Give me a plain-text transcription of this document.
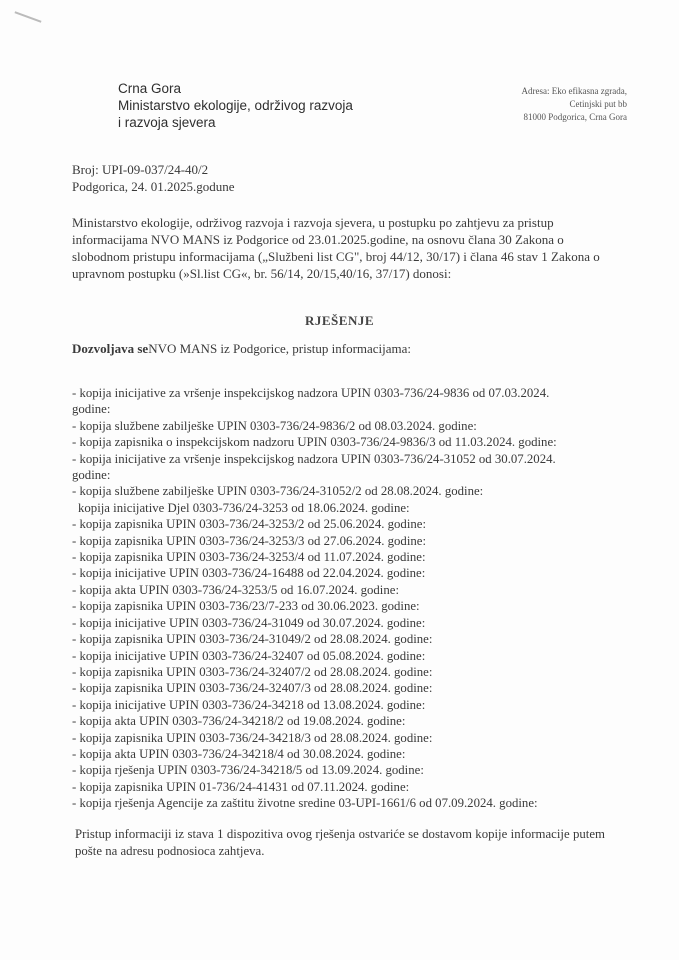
Crna Gora
Ministarstvo ekologije, održivog razvoja
i razvoja sjevera
Adresa: Eko efikasna zgrada,
Cetinjski put bb
81000 Podgorica, Crna Gora
Broj: UPI-09-037/24-40/2
Podgorica, 24. 01.2025.godune
Ministarstvo ekologije, održivog razvoja i razvoja sjevera, u postupku po zahtjevu za pristup informacijama NVO MANS iz Podgorice od 23.01.2025.godine, na osnovu člana 30 Zakona o slobodnom pristupu informacijama („Službeni list CG", broj 44/12, 30/17) i člana 46 stav 1 Zakona o upravnom postupku (»Sl.list CG«, br. 56/14, 20/15,40/16, 37/17) donosi:
RJEŠENJE
Dozvoljava seNVO MANS iz Podgorice, pristup informacijama:
- kopija inicijative za vršenje inspekcijskog nadzora UPIN 0303-736/24-9836 od 07.03.2024.
godine:
- kopija službene zabilješke UPIN 0303-736/24-9836/2 od 08.03.2024. godine:
- kopija zapisnika o inspekcijskom nadzoru UPIN 0303-736/24-9836/3 od 11.03.2024. godine:
- kopija inicijative za vršenje inspekcijskog nadzora UPIN 0303-736/24-31052 od 30.07.2024.
godine:
- kopija službene zabilješke UPIN 0303-736/24-31052/2 od 28.08.2024. godine:
kopija inicijative Djel 0303-736/24-3253 od 18.06.2024. godine:
- kopija zapisnika UPIN 0303-736/24-3253/2 od 25.06.2024. godine:
- kopija zapisnika UPIN 0303-736/24-3253/3 od 27.06.2024. godine:
- kopija zapisnika UPIN 0303-736/24-3253/4 od 11.07.2024. godine:
- kopija inicijative UPIN 0303-736/24-16488 od 22.04.2024. godine:
- kopija akta UPIN 0303-736/24-3253/5 od 16.07.2024. godine:
- kopija zapisnika UPIN 0303-736/23/7-233 od 30.06.2023. godine:
- kopija inicijative UPIN 0303-736/24-31049 od 30.07.2024. godine:
- kopija zapisnika UPIN 0303-736/24-31049/2 od 28.08.2024. godine:
- kopija inicijative UPIN 0303-736/24-32407 od 05.08.2024. godine:
- kopija zapisnika UPIN 0303-736/24-32407/2 od 28.08.2024. godine:
- kopija zapisnika UPIN 0303-736/24-32407/3 od 28.08.2024. godine:
- kopija inicijative UPIN 0303-736/24-34218 od 13.08.2024. godine:
- kopija akta UPIN 0303-736/24-34218/2 od 19.08.2024. godine:
- kopija zapisnika UPIN 0303-736/24-34218/3 od 28.08.2024. godine:
- kopija akta UPIN 0303-736/24-34218/4 od 30.08.2024. godine:
- kopija rješenja UPIN 0303-736/24-34218/5 od 13.09.2024. godine:
- kopija zapisnika UPIN 01-736/24-41431 od 07.11.2024. godine:
- kopija rješenja Agencije za zaštitu životne sredine 03-UPI-1661/6 od 07.09.2024. godine:
Pristup informaciji iz stava 1 dispozitiva ovog rješenja ostvariće se dostavom kopije informacije putem pošte na adresu podnosioca zahtjeva.
